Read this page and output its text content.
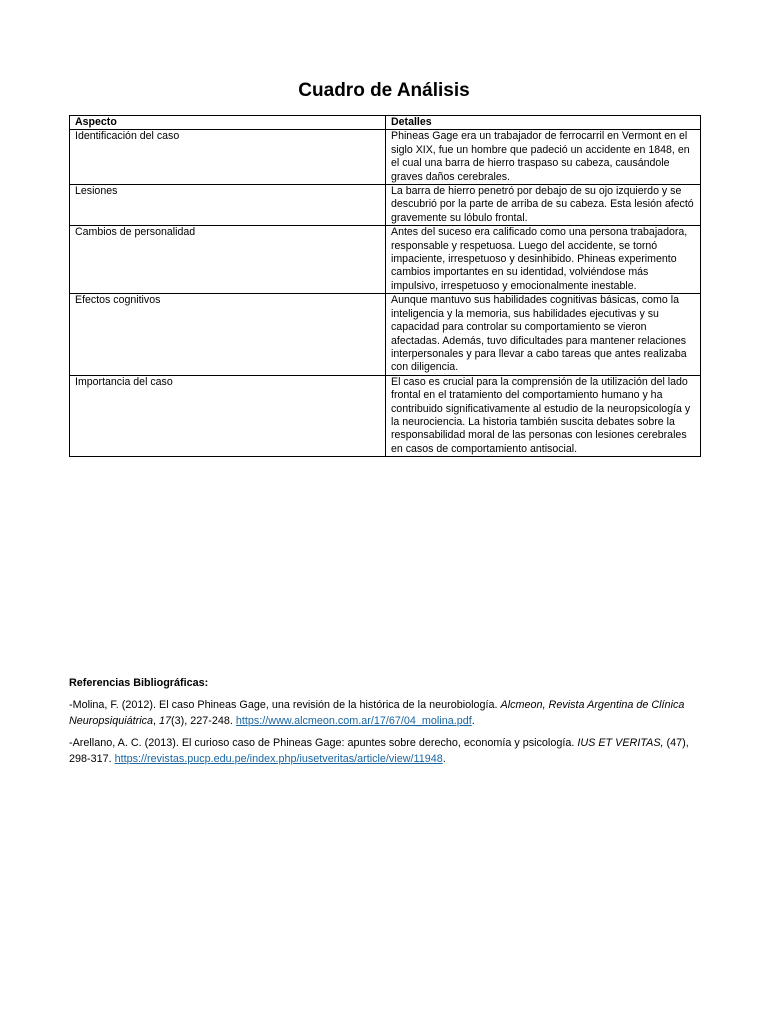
Cuadro de Análisis
Aspecto	Detalles
Identificación del caso	Phineas Gage era un trabajador de ferrocarril en Vermont en el siglo XIX, fue un hombre que padeció un accidente en 1848, en el cual una barra de hierro traspaso su cabeza, causándole graves daños cerebrales.
Lesiones	La barra de hierro penetró por debajo de su ojo izquierdo y se descubrió por la parte de arriba de su cabeza. Esta lesión afectó gravemente su lóbulo frontal.
Cambios de personalidad	Antes del suceso era calificado como una persona trabajadora, responsable y respetuosa. Luego del accidente, se tornó impaciente, irrespetuoso y desinhibido. Phineas experimento cambios importantes en su identidad, volviéndose más impulsivo, irrespetuoso y emocionalmente inestable.
Efectos cognitivos	Aunque mantuvo sus habilidades cognitivas básicas, como la inteligencia y la memoria, sus habilidades ejecutivas y su capacidad para controlar su comportamiento se vieron afectadas. Además, tuvo dificultades para mantener relaciones interpersonales y para llevar a cabo tareas que antes realizaba con diligencia.
Importancia del caso	El caso es crucial para la comprensión de la utilización del lado frontal en el tratamiento del comportamiento humano y ha contribuido significativamente al estudio de la neuropsicología y la neurociencia. La historia también suscita debates sobre la responsabilidad moral de las personas con lesiones cerebrales en casos de comportamiento antisocial.

Referencias Bibliográficas:

-Molina, F. (2012). El caso Phineas Gage, una revisión de la histórica de la neurobiología. Alcmeon, Revista Argentina de Clínica Neuropsiquiátrica, 17(3), 227-248. https://www.alcmeon.com.ar/17/67/04_molina.pdf.

-Arellano, A. C. (2013). El curioso caso de Phineas Gage: apuntes sobre derecho, economía y psicología. IUS ET VERITAS, (47), 298-317. https://revistas.pucp.edu.pe/index.php/iusetveritas/article/view/11948.
